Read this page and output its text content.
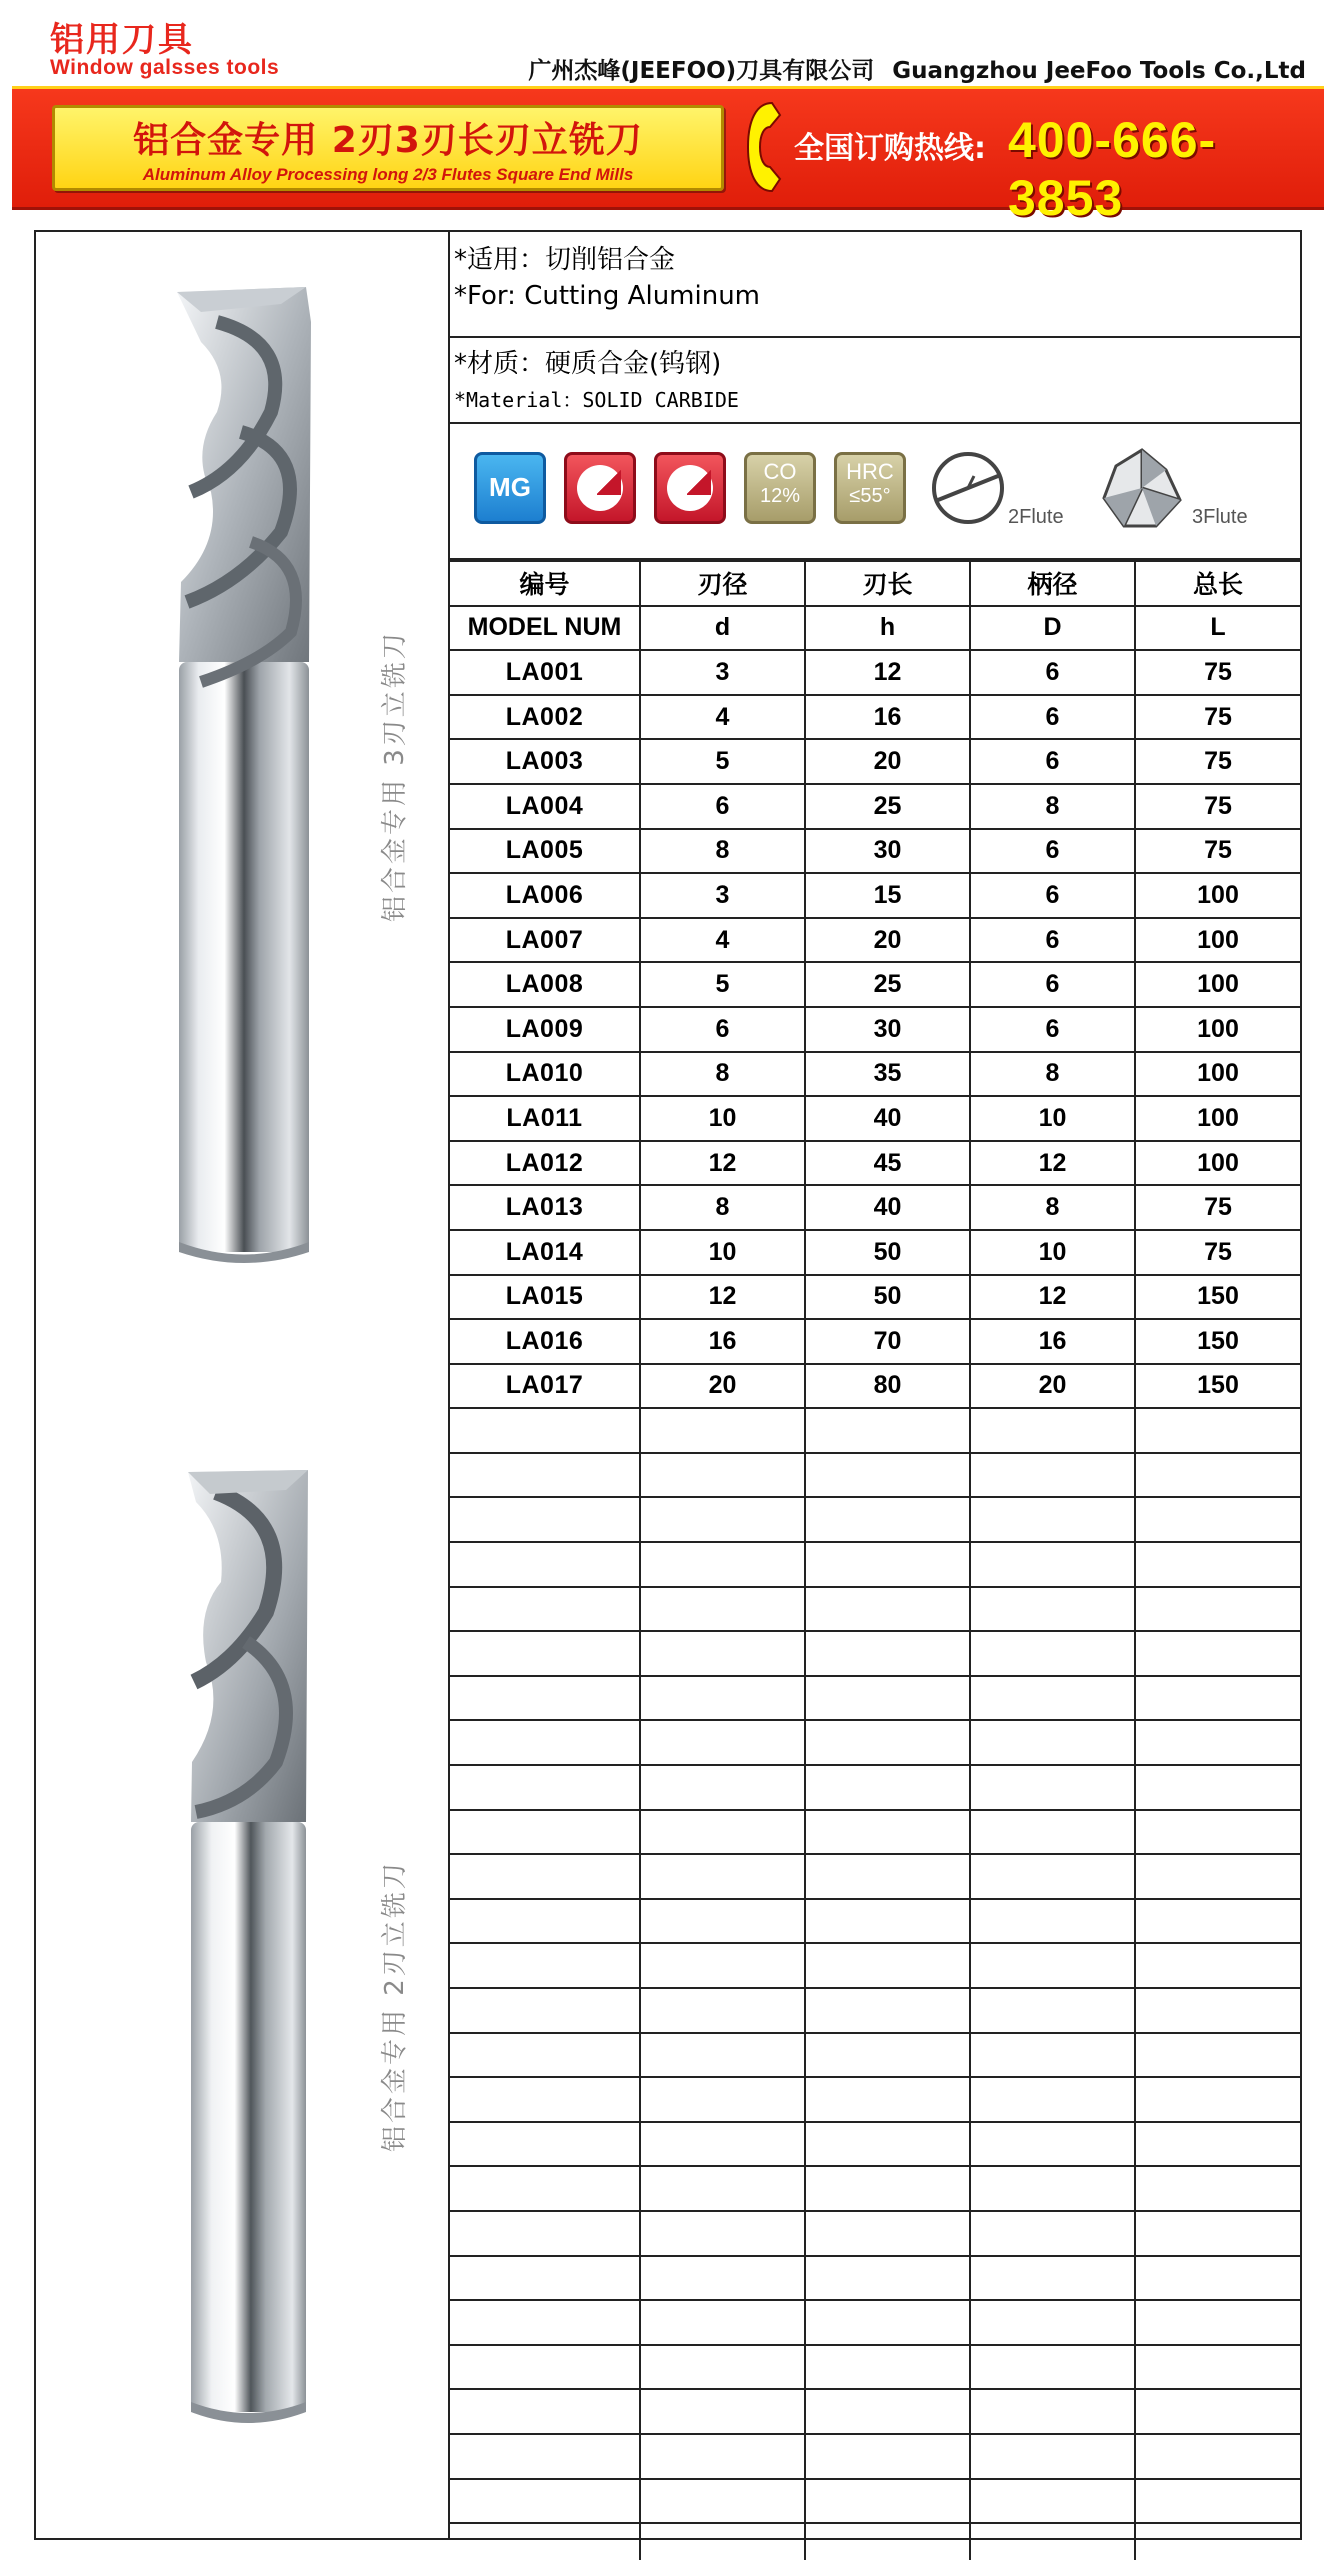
铝用刀具
Window galsses tools	广州杰峰(JEEFOO)刀具有限公司 Guangzhou JeeFoo Tools Co.,Ltd
铝合金专用 2刃3刃长刃立铣刀
Aluminum Alloy Processing long 2/3 Flutes Square End Mills
全国订购热线: 400-666-3853
铝合金专用 3刃立铣刀
铝合金专用 2刃立铣刀
*适用：切削铝合金
*For: Cutting Aluminum
*材质：硬质合金(钨钢)
*Material：SOLID CARBIDE
MG
CO
12%
HRC
≤55°
2Flute	3Flute
编号	刃径	刃长	柄径	总长
MODEL NUM	d	h	D	L
LA001	3	12	6	75
LA002	4	16	6	75
LA003	5	20	6	75
LA004	6	25	8	75
LA005	8	30	6	75
LA006	3	15	6	100
LA007	4	20	6	100
LA008	5	25	6	100
LA009	6	30	6	100
LA010	8	35	8	100
LA011	10	40	10	100
LA012	12	45	12	100
LA013	8	40	8	75
LA014	10	50	10	75
LA015	12	50	12	150
LA016	16	70	16	150
LA017	20	80	20	150
